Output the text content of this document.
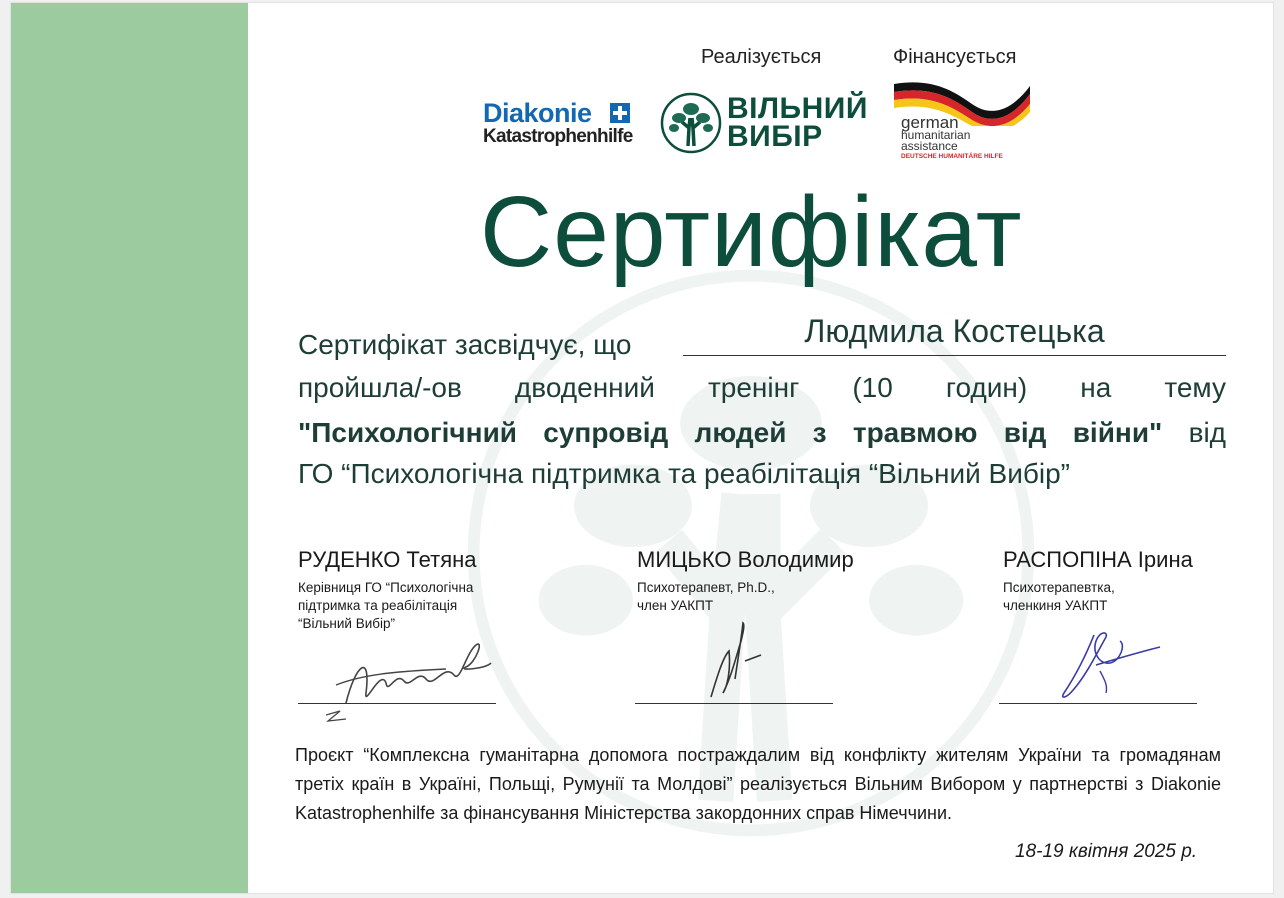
Реалізується	Фінансується
Diakonie
Katastrophenhilfe
ВІЛЬНИЙ
ВИБІР	german
humanitarian
assistance
DEUTSCHE HUMANITÄRE HILFE
Сертифікат
Сертифікат засвідчує, що	Людмила Костецька
пройшла/-ов дводенний тренінг (10 годин) на тему
"Психологічний супровід людей з травмою від війни" від
ГО “Психологічна підтримка та реабілітація “Вільний Вибір”
РУДЕНКО Тетяна
Керівниця ГО “Психологічна
підтримка та реабілітація
“Вільний Вибір”
МИЦЬКО Володимир
Психотерапевт, Ph.D.,
член УАКПТ
РАСПОПІНА Ірина
Психотерапевтка,
членкиня УАКПТ
Проєкт “Комплексна гуманітарна допомога постраждалим від конфлікту жителям України та громадянам третіх країн в Україні, Польщі, Румунії та Молдові” реалізується Вільним Вибором у партнерстві з Diakonie Katastrophenhilfe за фінансування Міністерства закордонних справ Німеччини.
18-19 квітня 2025 р.
